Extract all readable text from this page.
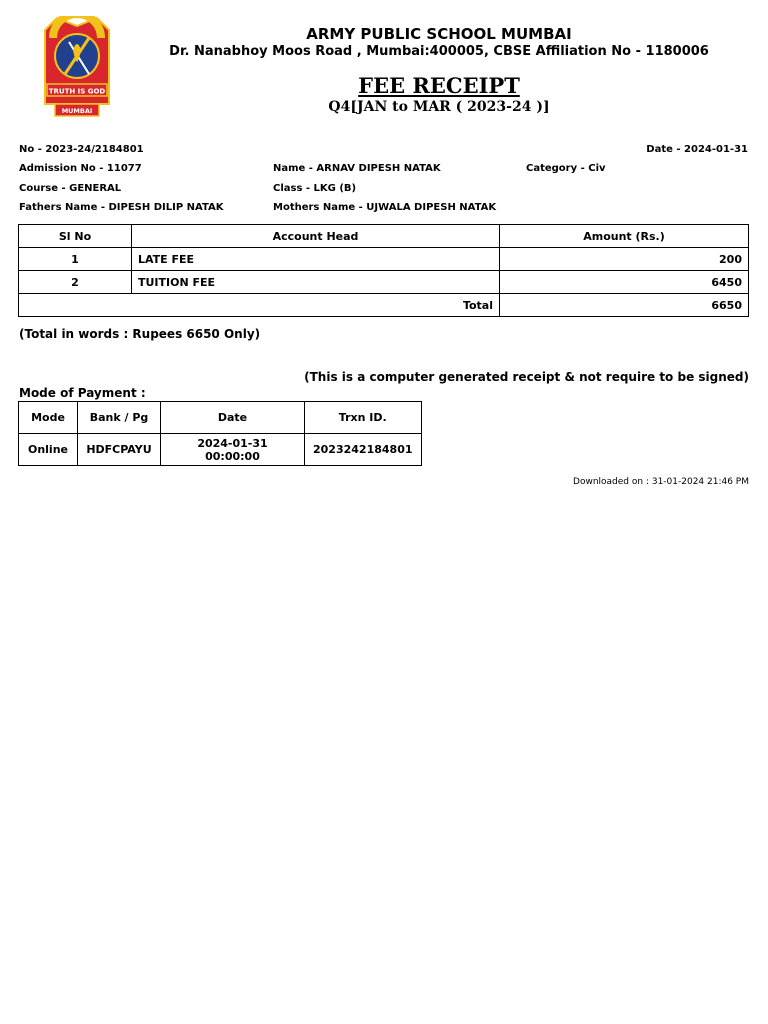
TRUTH IS GOD
MUMBAI
ARMY PUBLIC SCHOOL MUMBAI
Dr. Nanabhoy Moos Road , Mumbai:400005, CBSE Affiliation No - 1180006
FEE RECEIPT
Q4[JAN to MAR ( 2023-24 )]
No - 2023-24/2184801	Date - 2024-01-31
Admission No - 11077	Name - ARNAV DIPESH NATAK	Category - Civ
Course - GENERAL	Class - LKG (B)
Fathers Name - DIPESH DILIP NATAK	Mothers Name - UJWALA DIPESH NATAK
Sl No	Account Head	Amount (Rs.)
1	LATE FEE	200
2	TUITION FEE	6450
Total		6650
(Total in words : Rupees 6650 Only)
(This is a computer generated receipt & not require to be signed)
Mode of Payment :
Mode	Bank / Pg	Date	Trxn ID.
Online	HDFCPAYU	2024-01-31 00:00:00	2023242184801
Downloaded on : 31-01-2024 21:46 PM
